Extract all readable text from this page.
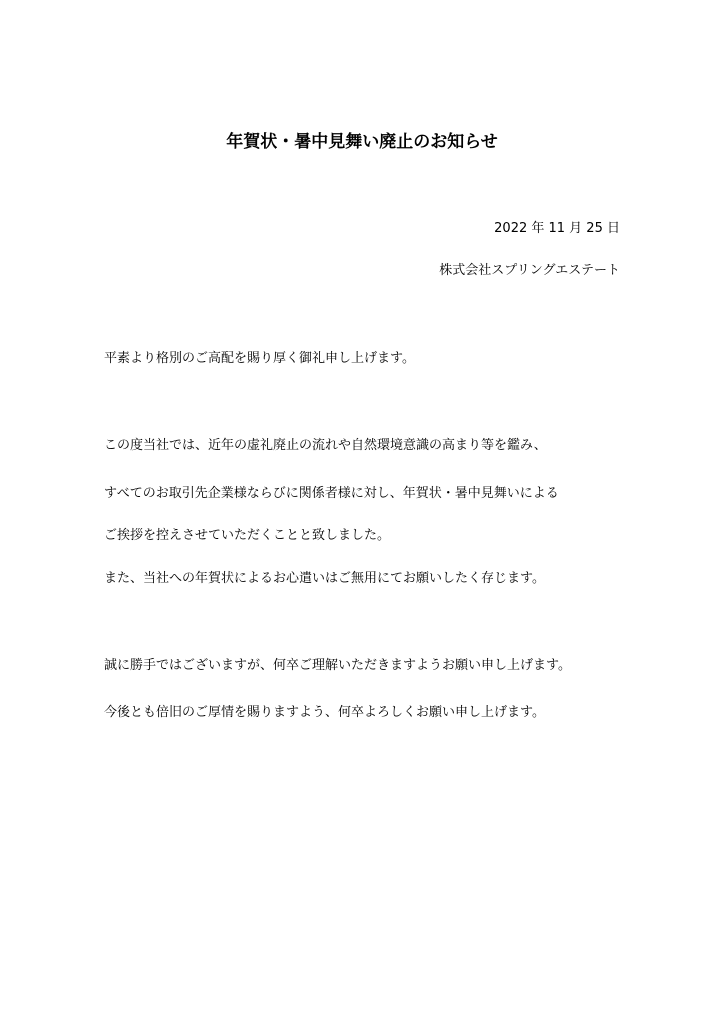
年賀状・暑中見舞い廃止のお知らせ
2022 年 11 月 25 日
株式会社スプリングエステート
平素より格別のご高配を賜り厚く御礼申し上げます。
この度当社では、近年の虚礼廃止の流れや自然環境意識の高まり等を鑑み、
すべてのお取引先企業様ならびに関係者様に対し、年賀状・暑中見舞いによる
ご挨拶を控えさせていただくことと致しました。
また、当社への年賀状によるお心遣いはご無用にてお願いしたく存じます。
誠に勝手ではございますが、何卒ご理解いただきますようお願い申し上げます。
今後とも倍旧のご厚情を賜りますよう、何卒よろしくお願い申し上げます。
